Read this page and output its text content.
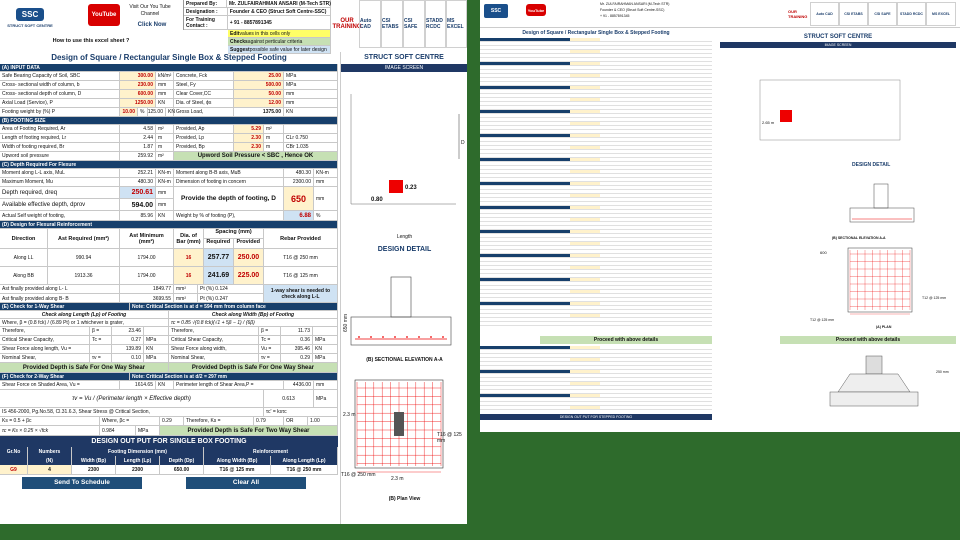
SSC
STRUCT SOFT CENTRE
YouTube
Visit Our You Tube Channel
Click Now
Prepared By:	Mr. ZULFAIRAHMAN ANSARI (M-Tech STR)
Designation :	Founder & CEO (Struct Soft Centre-SSC)
For Training Contact :	+ 91 - 8857891345
How to use this excel sheet ?
Edit values in this cells only
Checks against perticular criteria
Suggest possible safe value for later design
OUR
TRAINING
Auto CAD
CSI ETABS
CSI SAFE
STADD RCDC
MS EXCEL
Design of Square / Rectangular Single Box & Stepped Footing
(A) INPUT DATA
Safe Bearing Capacity of Soil, SBC	300.00	kN/m² Concrete, Fck	25.00	MPa
Cross- sectional width of column, b	230.00	mm	Steel, Fy	500.00	MPa
Cross- sectional depth of column, D	600.00	mm	Clear Cover,CC	50.00	mm
Axial Load (Service), P	1250.00	KN	Dia. of Steel, ϕs	12.00	mm
Footing weight by (%) P	10.00	% 125.00	KN Gross Load,	1375.00	KN
(B) FOOTING SIZE
Area of Footing Required, Ar	4.58	m²	Provided, Ap	5.29	m²
Length of footing required, Lr	2.44	m	Provided, Lp	2.30	m	CLr 0.750
Width of footing required, Br	1.87	m	Provided, Bp	2.30	m	CBr 1.035
Upword soil pressure	259.92	m²	Upword Soil Pressure < SBC , Hence OK
(C) Depth Required For Flexure
Moment along L-L axis, MuL	252.21	KN-m	Moment along B-B axis, MuB	480.30	KN-m
Maximum Moment, Mu	480.30	KN-m	Dimension of footing in concern	2300.00	mm
Depth required, dreq	250.61	mm
Available effective depth, dprov	594.00	mm
Provide the depth of footing, D	650	mm
Actual Self weight of footing,	85.96	KN	Weight by % of footing (P),	6.88	%
(D) Design for Flexural Reinforcement
Direction	Ast Required (mm²)	Ast Minimum (mm²)
Dia. of Bar (mm)
Spacing (mm)
Required	Provided
Rebar Provided
Along LL	990.94	1794.00	16	257.77	250.00	T16 @ 250 mm
Along BB	1913.36	1794.00	16	241.69	225.00	T16 @ 125 mm
Ast finally provided along L- L	1849.77	mm²	Pt (%) 0.124
Ast finally provided along B- B	3699.55	mm²	Pt (%) 0.247
1-way shear is needed to check along L-L
(E) Check for 1-Way Shear	Note: Critical Section is at d = 594 mm from column face
Check along Length (Lp) of Footing	Check along Width (Bp) of Footing
Where, β = (0.8 fck) / (6.89 Pt) or 1 whichever is grater,	τc = 0.85 √(0.8 fck)(√1 + 5β − 1) / (6β)
Therefore,	β =	23.46	Therefore,	β =	11.73
Critical Shear Capacity,	Tc =	0.27	MPa	Critical Shear Capacity,	Tc =	0.36	MPa
Shear Force along length, Vu =	139.89	KN	Shear Force along width,	Vu =	395.46	KN
Nominal Shear,	τv =	0.10	MPa	Nominal Shear,	τv =	0.29	MPa
Provided Depth is Safe For One Way Shear	Provided Depth is Safe For One Way Shear
(F) Check for 2-Way Shear	Note: Critical Section is at d/2 = 297 mm
Shear Force on Shaded Area, Vu =	1614.65	KN	Perimeter length of Shear Area,P =	4436.00	mm
τv = Vu / (Perimeter length × Effective depth)	0.613	MPa
IS 456-2000, Pg.No.58, Cl.31.6.3, Shear Stress @ Critical Section,	τc' = ksτc
Ks = 0.5 + βc	Where, βc =	0.29	Therefore, Ks =	0.79	OR	1.00
τc = Ks × 0.25 × √fck	0.984	MPa	Provided Depth is Safe For Two Way Shear
DESIGN OUT PUT FOR SINGLE BOX FOOTING
Gr.No	Numbers	Footing Dimension (mm)	Reinforcement
(N)	Width (Bp)	Length (Lp)	Depth (Dp)	Along Width (Bp)	Along Length (Lp)
G9	4	2300	2300	650.00	T16 @ 125 mm	T16 @ 250 mm
Send To Schedule	Clear All
STRUCT SOFT CENTRE
IMAGE SCREEN
0.23
0.80
D
Length
DESIGN DETAIL
650 mm
(B) SECTIONAL ELEVATION A-A
T16 @ 125 mm
T16 @ 250 mm
2.3 m
2.3 m
(B) Plan View
SSC	YouTube
Mr. ZULFAIRAHMAN ANSARI (M-Tech STR)
Founder & CEO (Struct Soft Centre-SSC)
+ 91 - 8857891345
OUR
TRAINING	Auto CAD	CSI ETABS	CSI SAFE	STADD RCDC	MS EXCEL
Design of Square / Rectangular Single Box & Stepped Footing
STRUCT SOFT CENTRE
IMAGE SCREEN
DESIGN DETAIL
2.65 m
(B) SECTIONAL ELEVATION A-A
(A) PLAN
T12 @ 125 mm
T12 @ 125 mm
600
Proceed with above details	Proceed with above details
DESIGN OUT PUT FOR STEPPED FOOTING
250 mm
